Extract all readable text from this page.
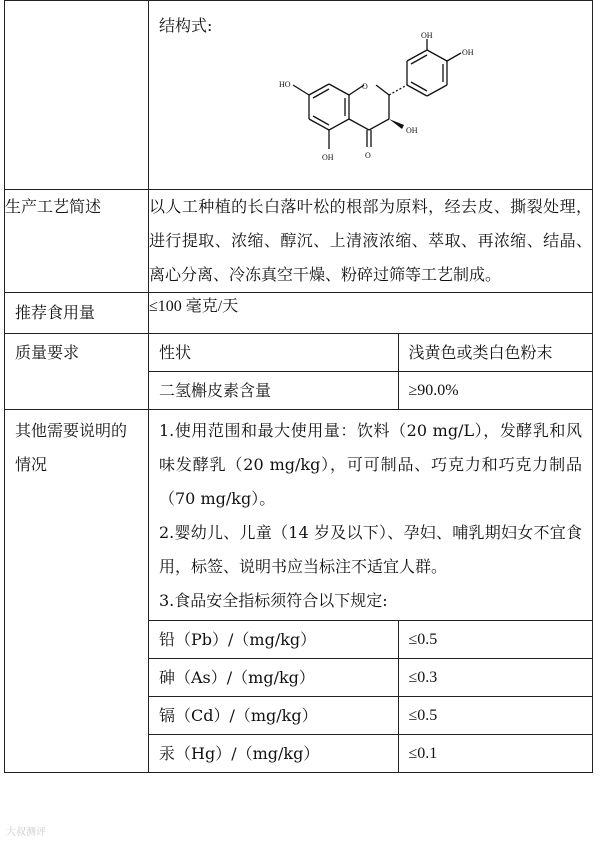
结构式:
O
O
HO
OH
OH
OH
OH

生产工艺简述	以人工种植的长白落叶松的根部为原料，经去皮、撕裂处理，进行提取、浓缩、醇沉、上清液浓缩、萃取、再浓缩、结晶、离心分离、冷冻真空干燥、粉碎过筛等工艺制成。
推荐食用量	≤100 毫克/天
质量要求		性状	浅黄色或类白色粉末
二氢槲皮素含量	≥90.0%

其他需要说明的情况	
1.使用范围和最大使用量：饮料（20 mg/L），发酵乳和风味发酵乳（20 mg/kg），可可制品、巧克力和巧克力制品（70 mg/kg）。
2.婴幼儿、儿童（14 岁及以下）、孕妇、哺乳期妇女不宜食用，标签、说明书应当标注不适宜人群。
3.食品安全指标须符合以下规定:
铅（Pb）/（mg/kg）	≤0.5
砷（As）/（mg/kg）	≤0.3
镉（Cd）/（mg/kg）	≤0.5
汞（Hg）/（mg/kg）	≤0.1
大叔测评
